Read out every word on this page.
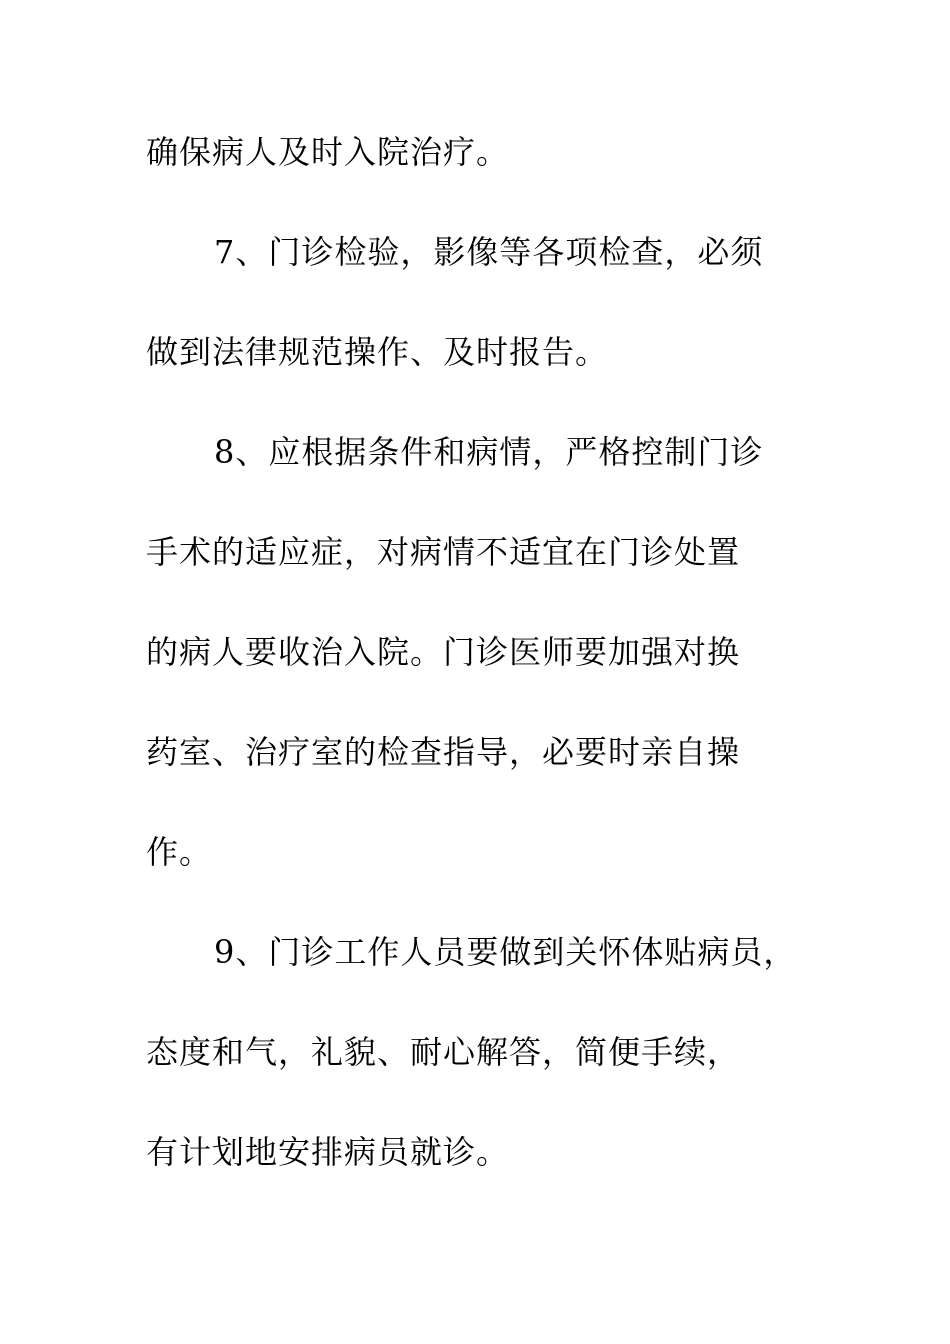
确保病人及时入院治疗。
7、门诊检验，影像等各项检查，必须
做到法律规范操作、及时报告。
8、应根据条件和病情，严格控制门诊
手术的适应症，对病情不适宜在门诊处置
的病人要收治入院。门诊医师要加强对换
药室、治疗室的检查指导，必要时亲自操
作。
9、门诊工作人员要做到关怀体贴病员，
态度和气，礼貌、耐心解答，简便手续，
有计划地安排病员就诊。
